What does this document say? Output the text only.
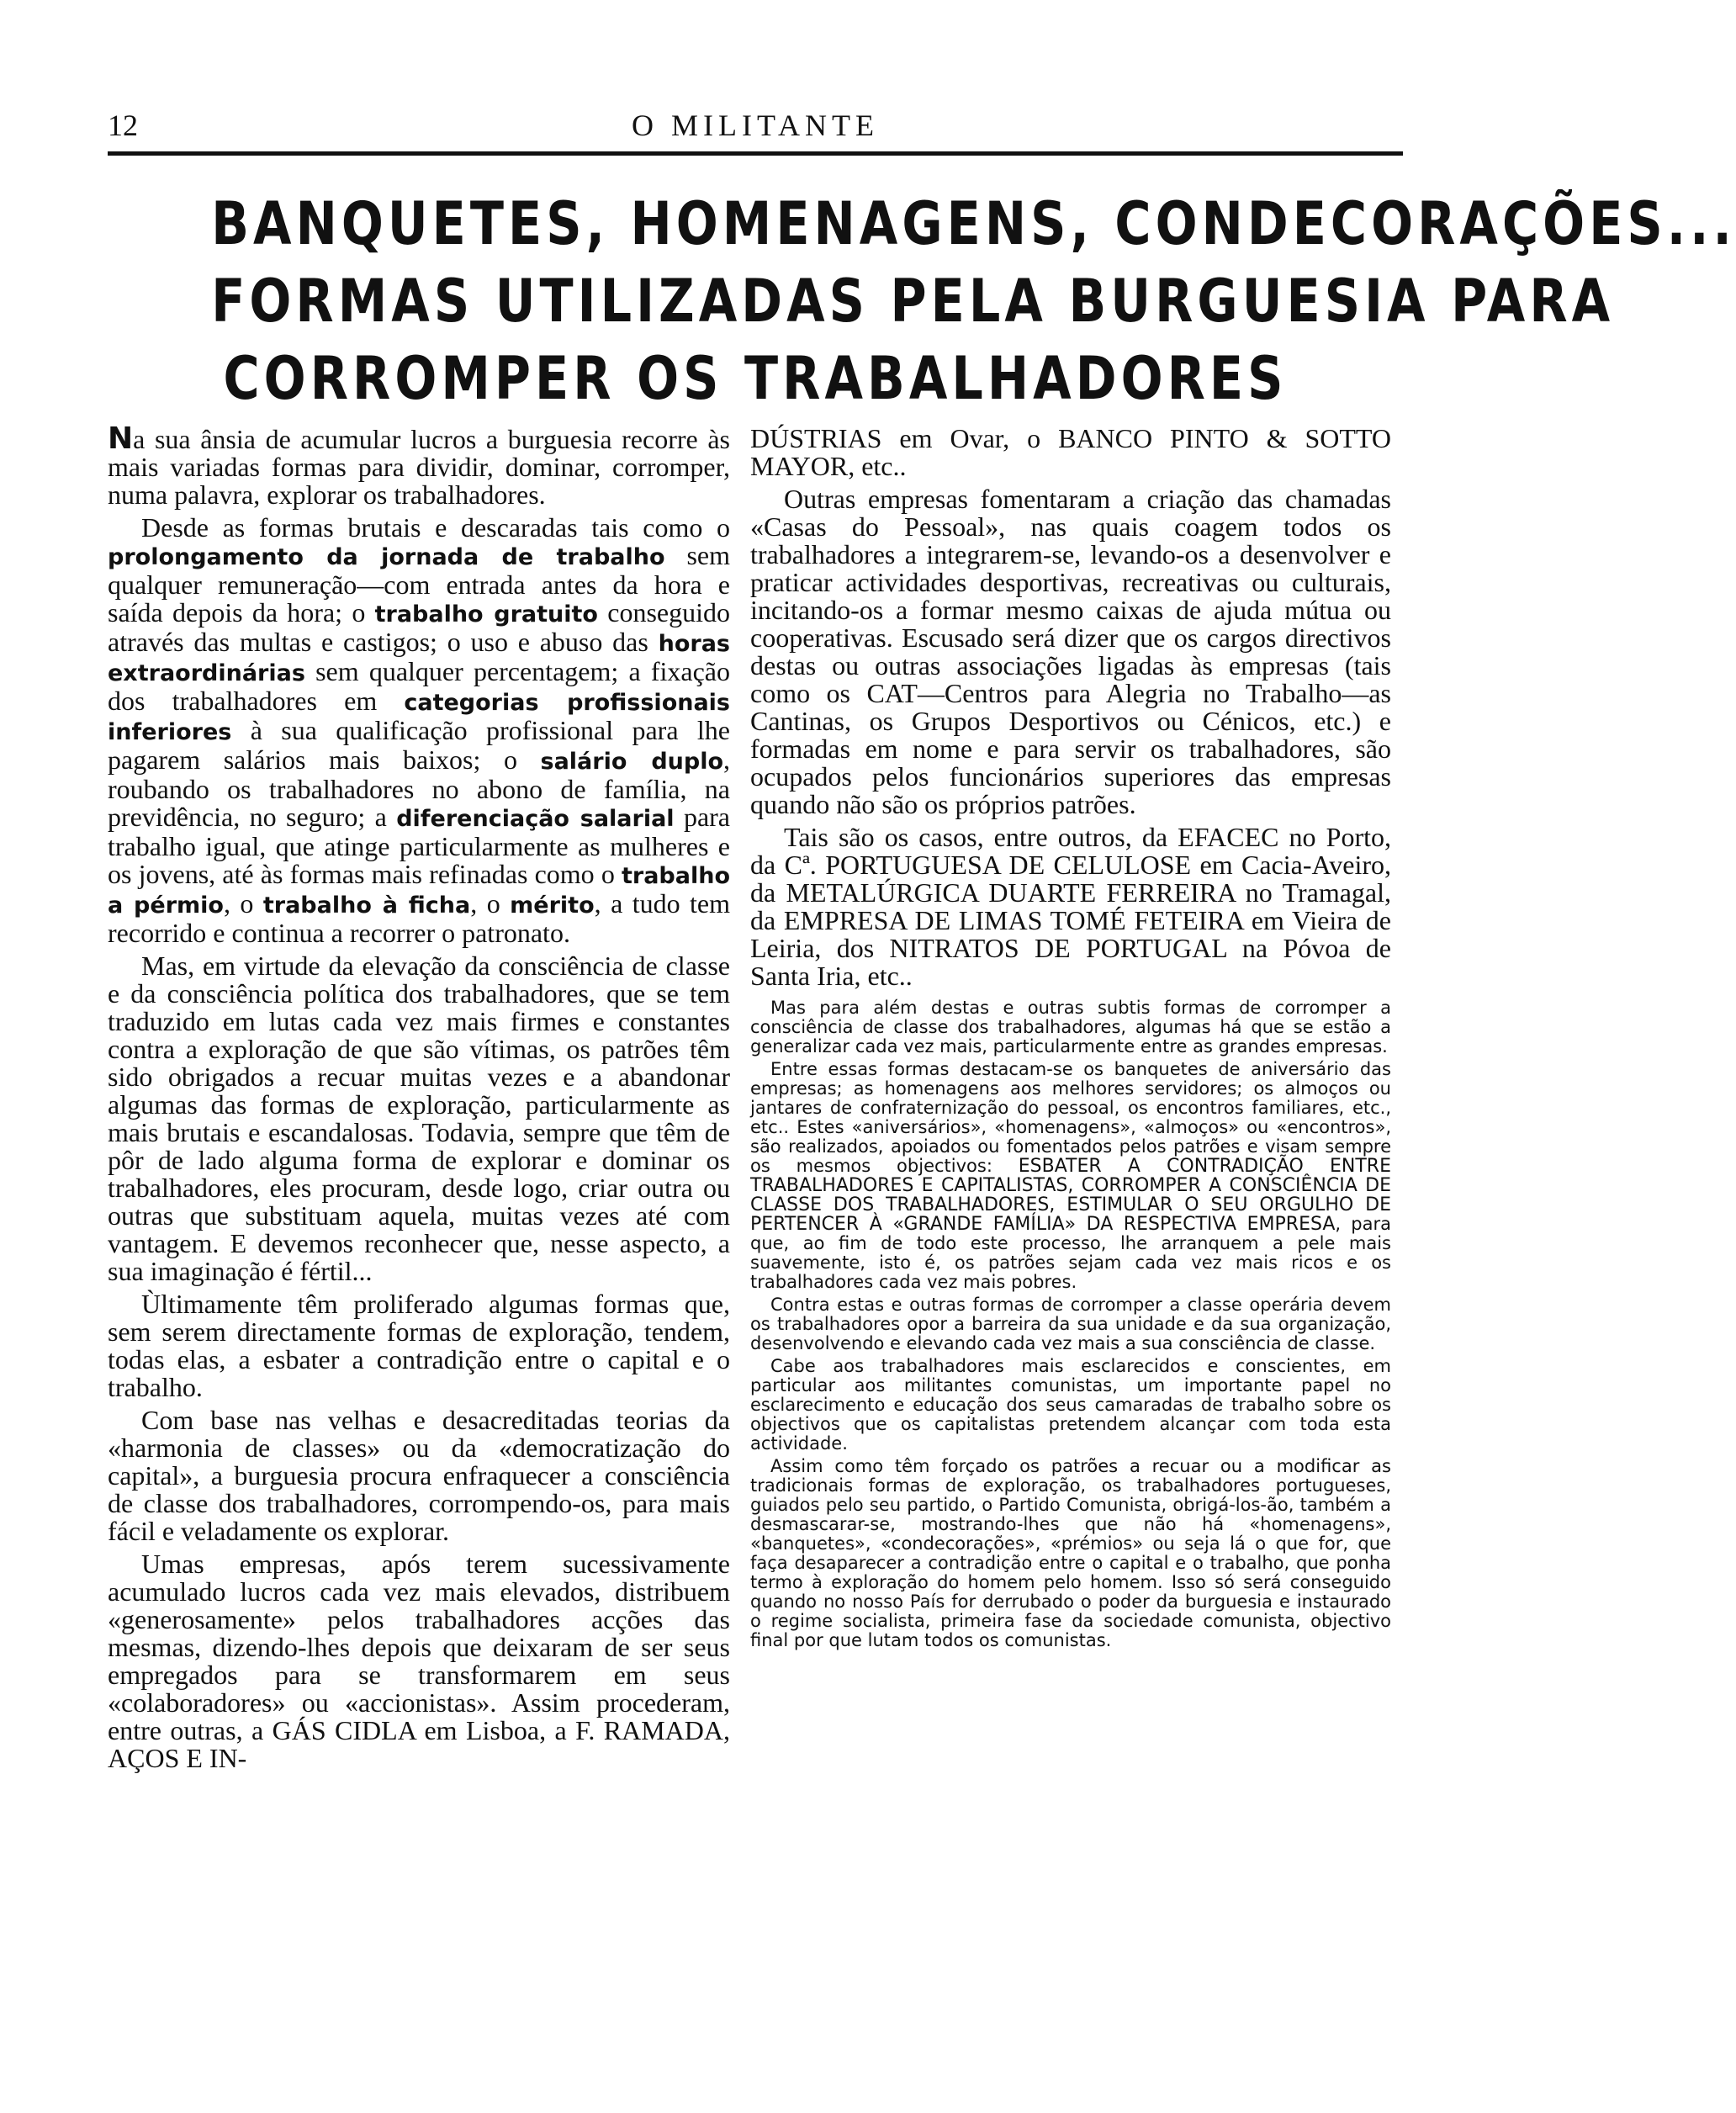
12	O MILITANTE
BANQUETES, HOMENAGENS, CONDECORAÇÕES...
FORMAS UTILIZADAS PELA BURGUESIA PARA
CORROMPER OS TRABALHADORES

Na sua ânsia de acumular lucros a burguesia recorre às mais variadas formas para dividir, dominar, corromper, numa palavra, explorar os trabalhadores.

Desde as formas brutais e descaradas tais como o prolongamento da jornada de trabalho sem qualquer remuneração—com entrada antes da hora e saída depois da hora; o trabalho gratuito conseguido através das multas e castigos; o uso e abuso das horas extraordinárias sem qualquer percentagem; a fixação dos trabalhadores em categorias profissionais inferiores à sua qualificação profissional para lhe pagarem salários mais baixos; o salário duplo, roubando os trabalhadores no abono de família, na previdência, no seguro; a diferenciação salarial para trabalho igual, que atinge particularmente as mulheres e os jovens, até às formas mais refinadas como o trabalho a pérmio, o trabalho à ficha, o mérito, a tudo tem recorrido e continua a recorrer o patronato.

Mas, em virtude da elevação da consciência de classe e da consciência política dos trabalhadores, que se tem traduzido em lutas cada vez mais firmes e constantes contra a exploração de que são vítimas, os patrões têm sido obrigados a recuar muitas vezes e a abandonar algumas das formas de exploração, particularmente as mais brutais e escandalosas. Todavia, sempre que têm de pôr de lado alguma forma de explorar e dominar os trabalhadores, eles procuram, desde logo, criar outra ou outras que substituam aquela, muitas vezes até com vantagem. E devemos reconhecer que, nesse aspecto, a sua imaginação é fértil...

Ùltimamente têm proliferado algumas formas que, sem serem directamente formas de exploração, tendem, todas elas, a esbater a contradição entre o capital e o trabalho.

Com base nas velhas e desacreditadas teorias da «harmonia de classes» ou da «democratização do capital», a burguesia procura enfraquecer a consciência de classe dos trabalhadores, corrompendo-os, para mais fácil e veladamente os explorar.

Umas empresas, após terem sucessivamente acumulado lucros cada vez mais elevados, distribuem «generosamente» pelos trabalhadores acções das mesmas, dizendo-lhes depois que deixaram de ser seus empregados para se transformarem em seus «colaboradores» ou «accionistas». Assim procederam, entre outras, a GÁS CIDLA em Lisboa, a F. RAMADA, AÇOS E IN-

DÚSTRIAS em Ovar, o BANCO PINTO & SOTTO MAYOR, etc..

Outras empresas fomentaram a criação das chamadas «Casas do Pessoal», nas quais coagem todos os trabalhadores a integrarem-se, levando-os a desenvolver e praticar actividades desportivas, recreativas ou culturais, incitando-os a formar mesmo caixas de ajuda mútua ou cooperativas. Escusado será dizer que os cargos directivos destas ou outras associações ligadas às empresas (tais como os CAT—Centros para Alegria no Trabalho—as Cantinas, os Grupos Desportivos ou Cénicos, etc.) e formadas em nome e para servir os trabalhadores, são ocupados pelos funcionários superiores das empresas quando não são os próprios patrões.

Tais são os casos, entre outros, da EFACEC no Porto, da Cª. PORTUGUESA DE CELULOSE em Cacia-Aveiro, da METALÚRGICA DUARTE FERREIRA no Tramagal, da EMPRESA DE LIMAS TOMÉ FETEIRA em Vieira de Leiria, dos NITRATOS DE PORTUGAL na Póvoa de Santa Iria, etc..

Mas para além destas e outras subtis formas de corromper a consciência de classe dos trabalhadores, algumas há que se estão a generalizar cada vez mais, particularmente entre as grandes empresas.

Entre essas formas destacam-se os banquetes de aniversário das empresas; as homenagens aos melhores servidores; os almoços ou jantares de confraternização do pessoal, os encontros familiares, etc., etc.. Estes «aniversários», «homenagens», «almoços» ou «encontros», são realizados, apoiados ou fomentados pelos patrões e visam sempre os mesmos objectivos: ESBATER A CONTRADIÇÃO ENTRE TRABALHADORES E CAPITALISTAS, CORROMPER A CONSCIÊNCIA DE CLASSE DOS TRABALHADORES, ESTIMULAR O SEU ORGULHO DE PERTENCER À «GRANDE FAMÍLIA» DA RESPECTIVA EMPRESA, para que, ao fim de todo este processo, lhe arranquem a pele mais suavemente, isto é, os patrões sejam cada vez mais ricos e os trabalhadores cada vez mais pobres.

Contra estas e outras formas de corromper a classe operária devem os trabalhadores opor a barreira da sua unidade e da sua organização, desenvolvendo e elevando cada vez mais a sua consciência de classe.

Cabe aos trabalhadores mais esclarecidos e conscientes, em particular aos militantes comunistas, um importante papel no esclarecimento e educação dos seus camaradas de trabalho sobre os objectivos que os capitalistas pretendem alcançar com toda esta actividade.

Assim como têm forçado os patrões a recuar ou a modificar as tradicionais formas de exploração, os trabalhadores portugueses, guiados pelo seu partido, o Partido Comunista, obrigá-los-ão, também a desmascarar-se, mostrando-lhes que não há «homenagens», «banquetes», «condecorações», «prémios» ou seja lá o que for, que faça desaparecer a contradição entre o capital e o trabalho, que ponha termo à exploração do homem pelo homem. Isso só será conseguido quando no nosso País for derrubado o poder da burguesia e instaurado o regime socialista, primeira fase da sociedade comunista, objectivo final por que lutam todos os comunistas.
